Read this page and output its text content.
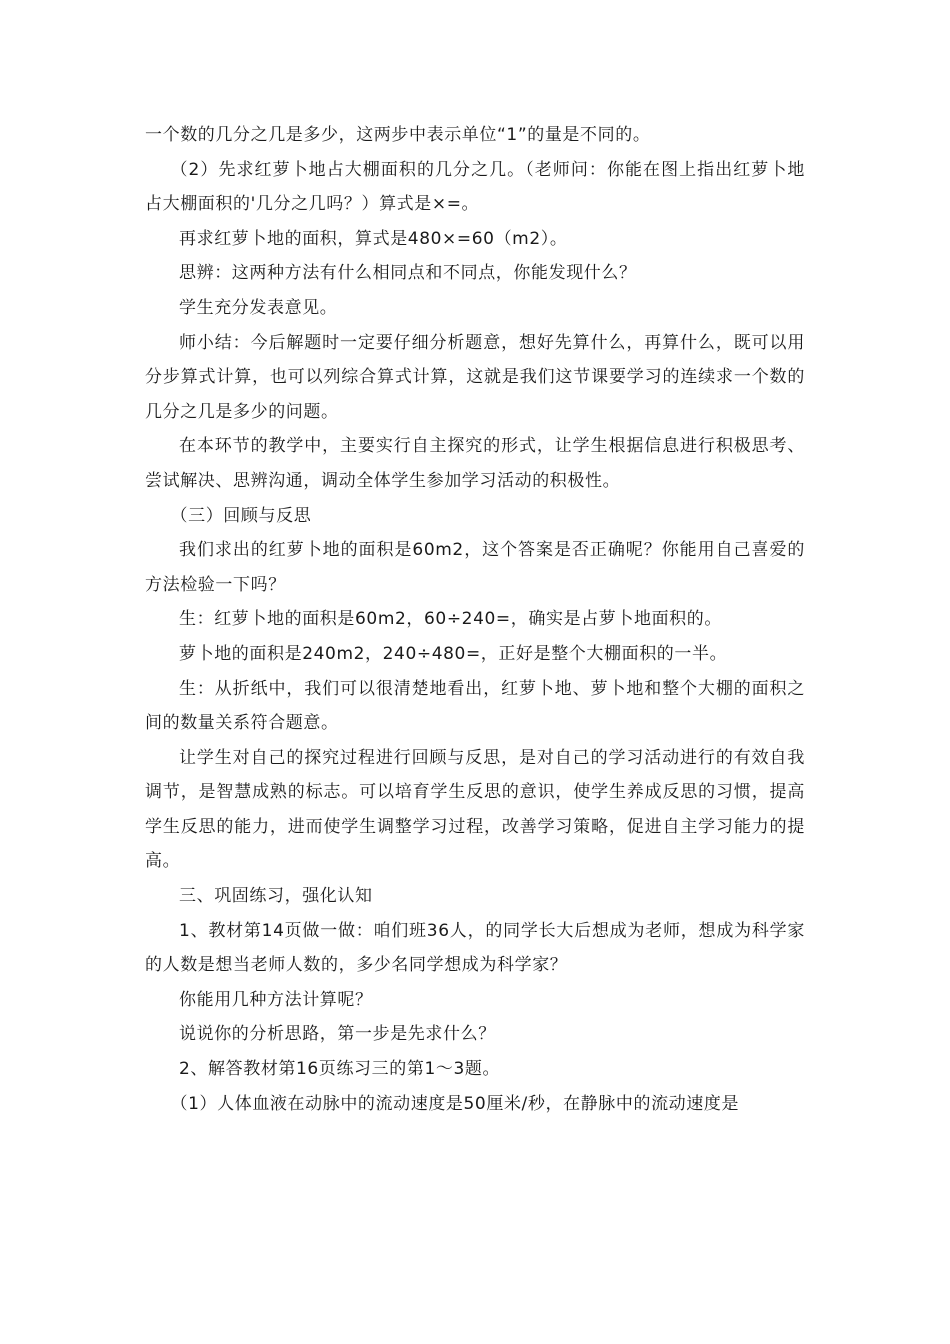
一个数的几分之几是多少，这两步中表示单位“1”的量是不同的。

（2）先求红萝卜地占大棚面积的几分之几。（老师问：你能在图上指出红萝卜地占大棚面积的'几分之几吗？）算式是×=。

再求红萝卜地的面积，算式是480×=60（m2）。

思辨：这两种方法有什么相同点和不同点，你能发现什么？

学生充分发表意见。

师小结：今后解题时一定要仔细分析题意，想好先算什么，再算什么，既可以用分步算式计算，也可以列综合算式计算，这就是我们这节课要学习的连续求一个数的几分之几是多少的问题。

在本环节的教学中，主要实行自主探究的形式，让学生根据信息进行积极思考、尝试解决、思辨沟通，调动全体学生参加学习活动的积极性。

（三）回顾与反思

我们求出的红萝卜地的面积是60m2，这个答案是否正确呢？你能用自己喜爱的方法检验一下吗？

生：红萝卜地的面积是60m2，60÷240=，确实是占萝卜地面积的。

萝卜地的面积是240m2，240÷480=，正好是整个大棚面积的一半。

生：从折纸中，我们可以很清楚地看出，红萝卜地、萝卜地和整个大棚的面积之间的数量关系符合题意。

让学生对自己的探究过程进行回顾与反思，是对自己的学习活动进行的有效自我调节，是智慧成熟的标志。可以培育学生反思的意识，使学生养成反思的习惯，提高学生反思的能力，进而使学生调整学习过程，改善学习策略，促进自主学习能力的提高。

三、巩固练习，强化认知

1、教材第14页做一做：咱们班36人，的同学长大后想成为老师，想成为科学家的人数是想当老师人数的，多少名同学想成为科学家？

你能用几种方法计算呢？

说说你的分析思路，第一步是先求什么？

2、解答教材第16页练习三的第1～3题。

（1）人体血液在动脉中的流动速度是50厘米/秒，在静脉中的流动速度是
